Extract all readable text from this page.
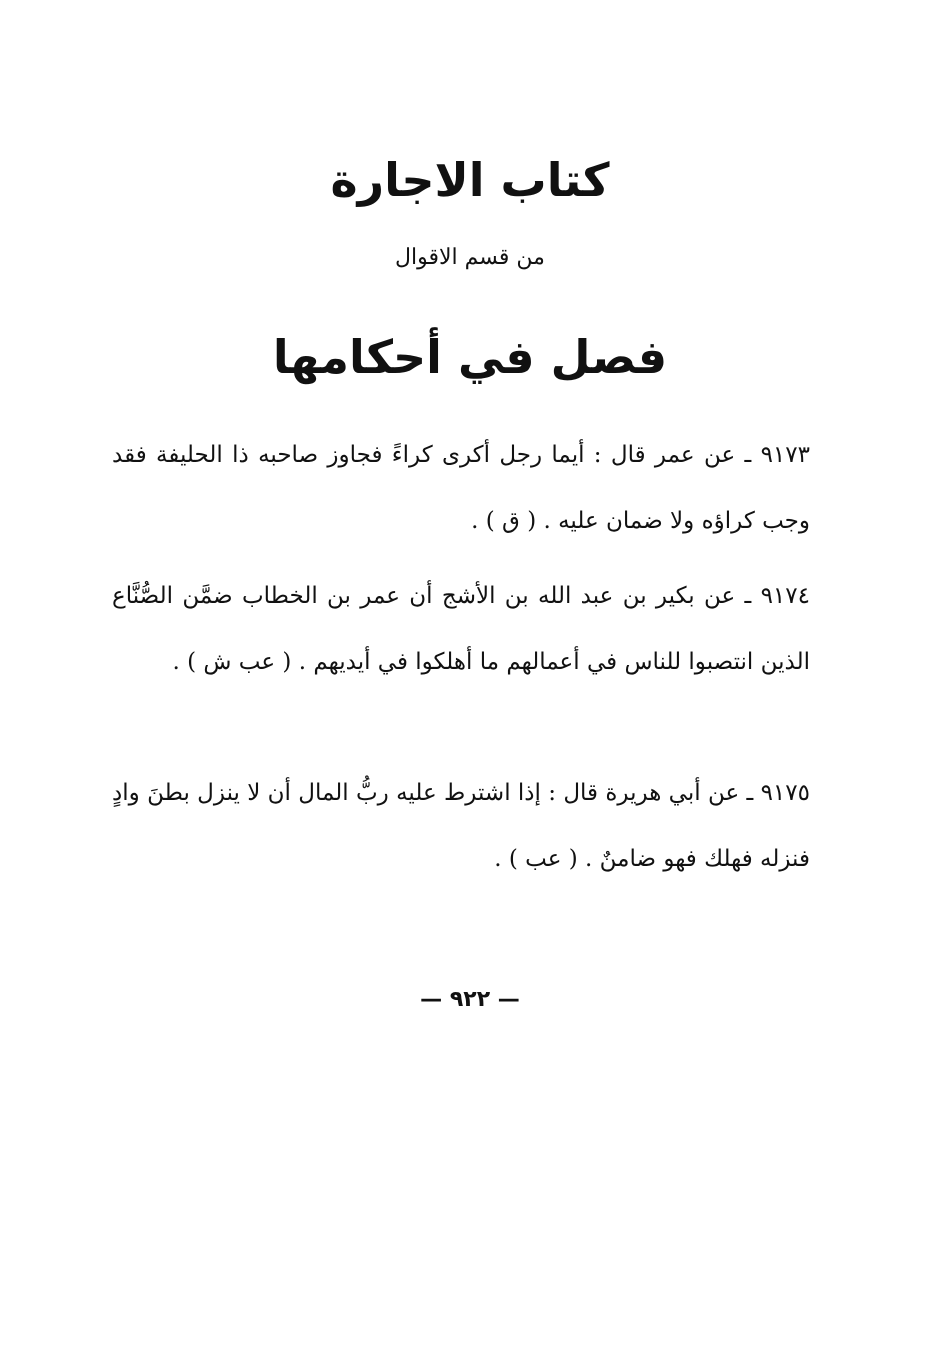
كتاب الاجارة
من قسم الاقوال
فصل في أحكامها
٩١٧٣ ـ عن عمر قال : أيما رجل أكرى كراءً فجاوز صاحبه ذا الحليفة فقد وجب كراؤه ولا ضمان عليه . ( ق ) .
٩١٧٤ ـ عن بكير بن عبد الله بن الأشج أن عمر بن الخطاب ضمَّن الصُّنَّاع الذين انتصبوا للناس في أعمالهم ما أهلكوا في أيديهم . ( عب ش ) .
٩١٧٥ ـ عن أبي هريرة قال : إذا اشترط عليه ربُّ المال أن لا ينزل بطنَ وادٍ فنزله فهلك فهو ضامنٌ . ( عب ) .
— ٩٢٢ —
